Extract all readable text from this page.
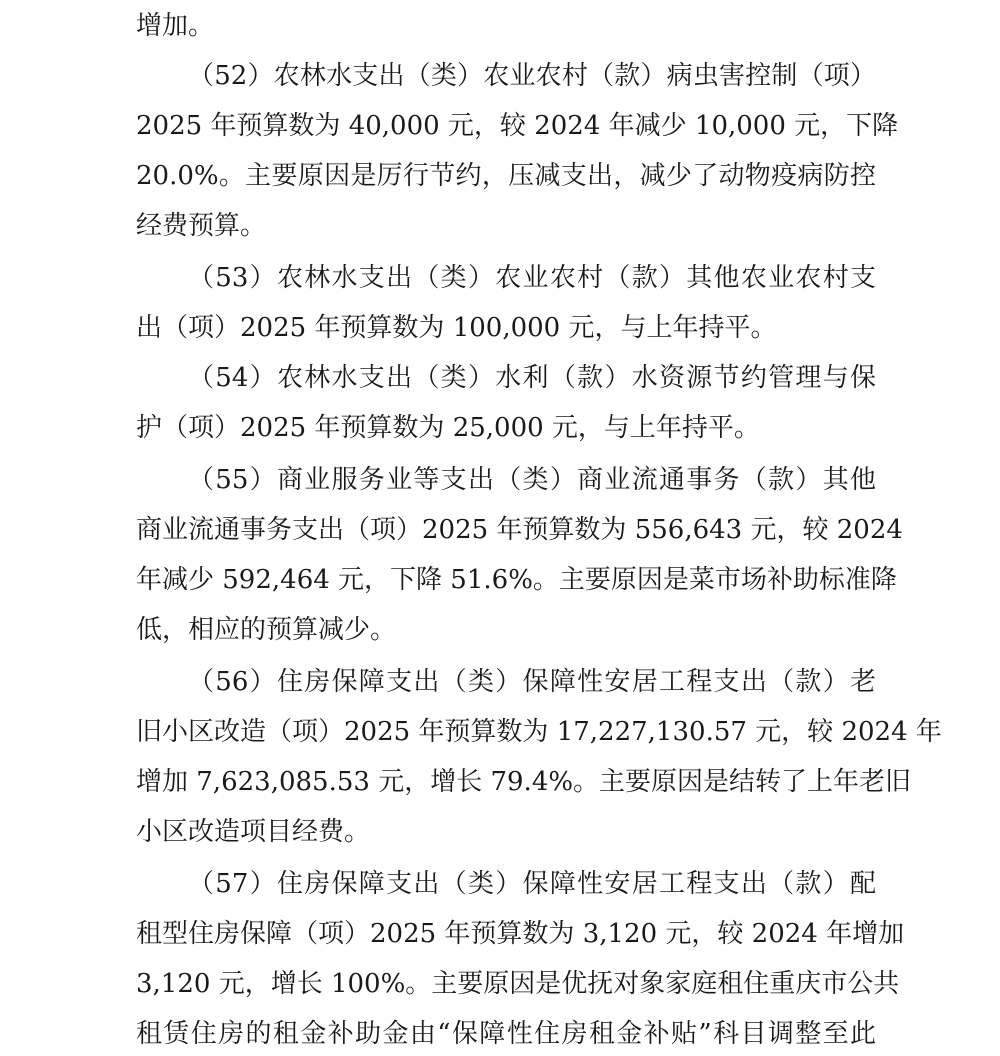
增加。
（52）农林水支出（类）农业农村（款）病虫害控制（项）
2025 年预算数为 40,000 元，较 2024 年减少 10,000 元，下降
20.0%。主要原因是厉行节约，压减支出，减少了动物疫病防控
经费预算。
（53）农林水支出（类）农业农村（款）其他农业农村支
出（项）2025 年预算数为 100,000 元，与上年持平。
（54）农林水支出（类）水利（款）水资源节约管理与保
护（项）2025 年预算数为 25,000 元，与上年持平。
（55）商业服务业等支出（类）商业流通事务（款）其他
商业流通事务支出（项）2025 年预算数为 556,643 元，较 2024
年减少 592,464 元，下降 51.6%。主要原因是菜市场补助标准降
低，相应的预算减少。
（56）住房保障支出（类）保障性安居工程支出（款）老
旧小区改造（项）2025 年预算数为 17,227,130.57 元，较 2024 年
增加 7,623,085.53 元，增长 79.4%。主要原因是结转了上年老旧
小区改造项目经费。
（57）住房保障支出（类）保障性安居工程支出（款）配
租型住房保障（项）2025 年预算数为 3,120 元，较 2024 年增加
3,120 元，增长 100%。主要原因是优抚对象家庭租住重庆市公共
租赁住房的租金补助金由“保障性住房租金补贴”科目调整至此
